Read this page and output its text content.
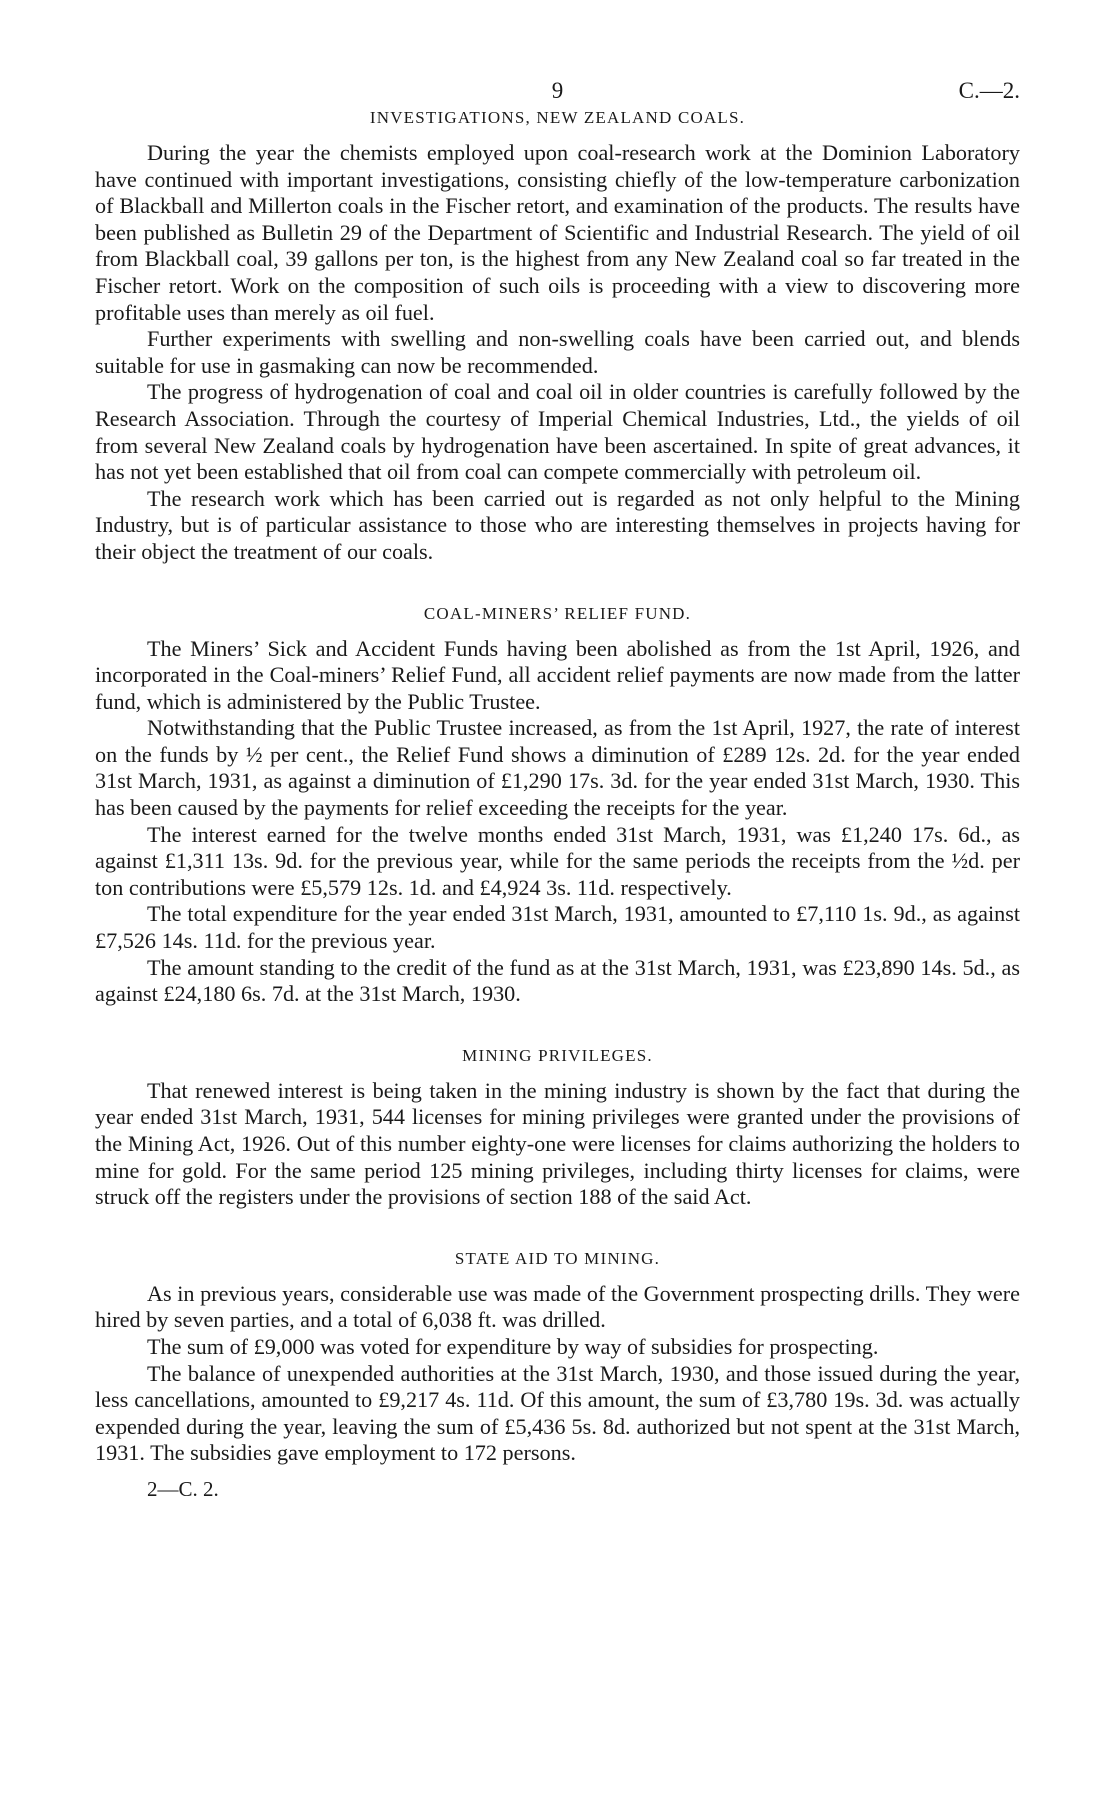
9	C.—2.
INVESTIGATIONS, NEW ZEALAND COALS.

During the year the chemists employed upon coal-research work at the Dominion Laboratory have continued with important investigations, consisting chiefly of the low-temperature carbonization of Blackball and Millerton coals in the Fischer retort, and examination of the products. The results have been published as Bulletin 29 of the Department of Scientific and Industrial Research. The yield of oil from Blackball coal, 39 gallons per ton, is the highest from any New Zealand coal so far treated in the Fischer retort. Work on the composition of such oils is proceeding with a view to discovering more profitable uses than merely as oil fuel.

Further experiments with swelling and non-swelling coals have been carried out, and blends suitable for use in gasmaking can now be recommended.

The progress of hydrogenation of coal and coal oil in older countries is carefully followed by the Research Association. Through the courtesy of Imperial Chemical Industries, Ltd., the yields of oil from several New Zealand coals by hydrogenation have been ascertained. In spite of great advances, it has not yet been established that oil from coal can compete commercially with petroleum oil.

The research work which has been carried out is regarded as not only helpful to the Mining Industry, but is of particular assistance to those who are interesting themselves in projects having for their object the treatment of our coals.

COAL-MINERS’ RELIEF FUND.

The Miners’ Sick and Accident Funds having been abolished as from the 1st April, 1926, and incorporated in the Coal-miners’ Relief Fund, all accident relief payments are now made from the latter fund, which is administered by the Public Trustee.

Notwithstanding that the Public Trustee increased, as from the 1st April, 1927, the rate of interest on the funds by ½ per cent., the Relief Fund shows a diminution of £289 12s. 2d. for the year ended 31st March, 1931, as against a diminution of £1,290 17s. 3d. for the year ended 31st March, 1930. This has been caused by the payments for relief exceeding the receipts for the year.

The interest earned for the twelve months ended 31st March, 1931, was £1,240 17s. 6d., as against £1,311 13s. 9d. for the previous year, while for the same periods the receipts from the ½d. per ton contributions were £5,579 12s. 1d. and £4,924 3s. 11d. respectively.

The total expenditure for the year ended 31st March, 1931, amounted to £7,110 1s. 9d., as against £7,526 14s. 11d. for the previous year.

The amount standing to the credit of the fund as at the 31st March, 1931, was £23,890 14s. 5d., as against £24,180 6s. 7d. at the 31st March, 1930.

MINING PRIVILEGES.

That renewed interest is being taken in the mining industry is shown by the fact that during the year ended 31st March, 1931, 544 licenses for mining privileges were granted under the provisions of the Mining Act, 1926. Out of this number eighty-one were licenses for claims authorizing the holders to mine for gold. For the same period 125 mining privileges, including thirty licenses for claims, were struck off the registers under the provisions of section 188 of the said Act.

STATE AID TO MINING.

As in previous years, considerable use was made of the Government prospecting drills. They were hired by seven parties, and a total of 6,038 ft. was drilled.

The sum of £9,000 was voted for expenditure by way of subsidies for prospecting.

The balance of unexpended authorities at the 31st March, 1930, and those issued during the year, less cancellations, amounted to £9,217 4s. 11d. Of this amount, the sum of £3,780 19s. 3d. was actually expended during the year, leaving the sum of £5,436 5s. 8d. authorized but not spent at the 31st March, 1931. The subsidies gave employment to 172 persons.

2—C. 2.
